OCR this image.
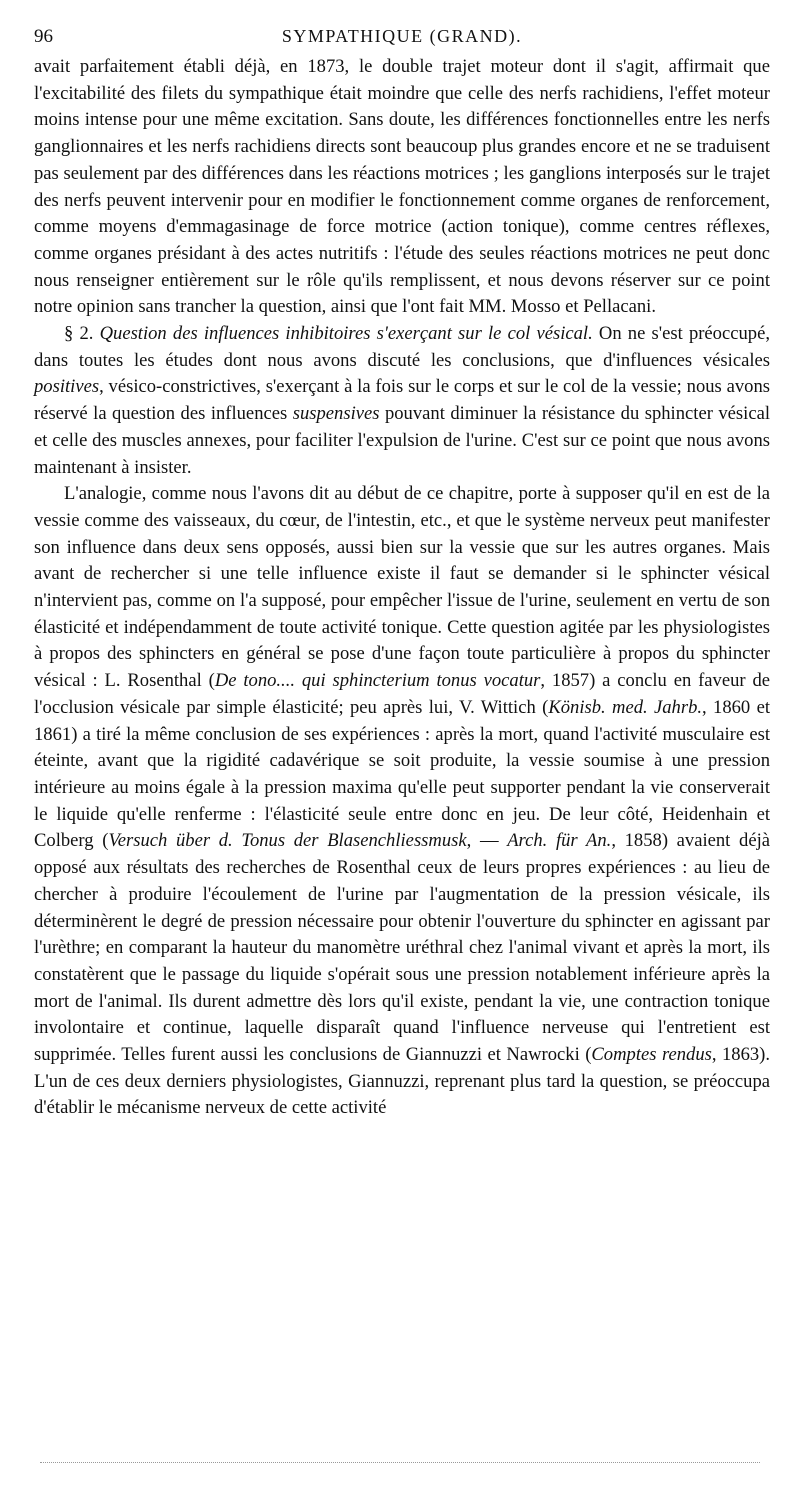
96	SYMPATHIQUE (GRAND).

avait parfaitement établi déjà, en 1873, le double trajet moteur dont il s'agit, affirmait que l'excitabilité des filets du sympathique était moindre que celle des nerfs rachidiens, l'effet moteur moins intense pour une même excitation. Sans doute, les différences fonctionnelles entre les nerfs ganglionnaires et les nerfs rachidiens directs sont beaucoup plus grandes encore et ne se traduisent pas seulement par des différences dans les réactions motrices ; les ganglions interposés sur le trajet des nerfs peuvent intervenir pour en modifier le fonctionnement comme organes de renforcement, comme moyens d'emmagasinage de force motrice (action tonique), comme centres réflexes, comme organes présidant à des actes nutritifs : l'étude des seules réactions motrices ne peut donc nous renseigner entièrement sur le rôle qu'ils remplissent, et nous devons réserver sur ce point notre opinion sans trancher la question, ainsi que l'ont fait MM. Mosso et Pellacani.

§ 2. Question des influences inhibitoires s'exerçant sur le col vésical. On ne s'est préoccupé, dans toutes les études dont nous avons discuté les conclusions, que d'influences vésicales positives, vésico-constrictives, s'exerçant à la fois sur le corps et sur le col de la vessie; nous avons réservé la question des influences suspensives pouvant diminuer la résistance du sphincter vésical et celle des muscles annexes, pour faciliter l'expulsion de l'urine. C'est sur ce point que nous avons maintenant à insister.

L'analogie, comme nous l'avons dit au début de ce chapitre, porte à supposer qu'il en est de la vessie comme des vaisseaux, du cœur, de l'intestin, etc., et que le système nerveux peut manifester son influence dans deux sens opposés, aussi bien sur la vessie que sur les autres organes. Mais avant de rechercher si une telle influence existe il faut se demander si le sphincter vésical n'intervient pas, comme on l'a supposé, pour empêcher l'issue de l'urine, seulement en vertu de son élasticité et indépendamment de toute activité tonique. Cette question agitée par les physiologistes à propos des sphincters en général se pose d'une façon toute particulière à propos du sphincter vésical : L. Rosenthal (De tono.... qui sphincterium tonus vocatur, 1857) a conclu en faveur de l'occlusion vésicale par simple élasticité; peu après lui, V. Wittich (Könisb. med. Jahrb., 1860 et 1861) a tiré la même conclusion de ses expériences : après la mort, quand l'activité musculaire est éteinte, avant que la rigidité cadavérique se soit produite, la vessie soumise à une pression intérieure au moins égale à la pression maxima qu'elle peut supporter pendant la vie conserverait le liquide qu'elle renferme : l'élasticité seule entre donc en jeu. De leur côté, Heidenhain et Colberg (Versuch über d. Tonus der Blasenchliessmusk, — Arch. für An., 1858) avaient déjà opposé aux résultats des recherches de Rosenthal ceux de leurs propres expériences : au lieu de chercher à produire l'écoulement de l'urine par l'augmentation de la pression vésicale, ils déterminèrent le degré de pression nécessaire pour obtenir l'ouverture du sphincter en agissant par l'urèthre; en comparant la hauteur du manomètre uréthral chez l'animal vivant et après la mort, ils constatèrent que le passage du liquide s'opérait sous une pression notablement inférieure après la mort de l'animal. Ils durent admettre dès lors qu'il existe, pendant la vie, une contraction tonique involontaire et continue, laquelle disparaît quand l'influence nerveuse qui l'entretient est supprimée. Telles furent aussi les conclusions de Giannuzzi et Nawrocki (Comptes rendus, 1863). L'un de ces deux derniers physiologistes, Giannuzzi, reprenant plus tard la question, se préoccupa d'établir le mécanisme nerveux de cette activité
